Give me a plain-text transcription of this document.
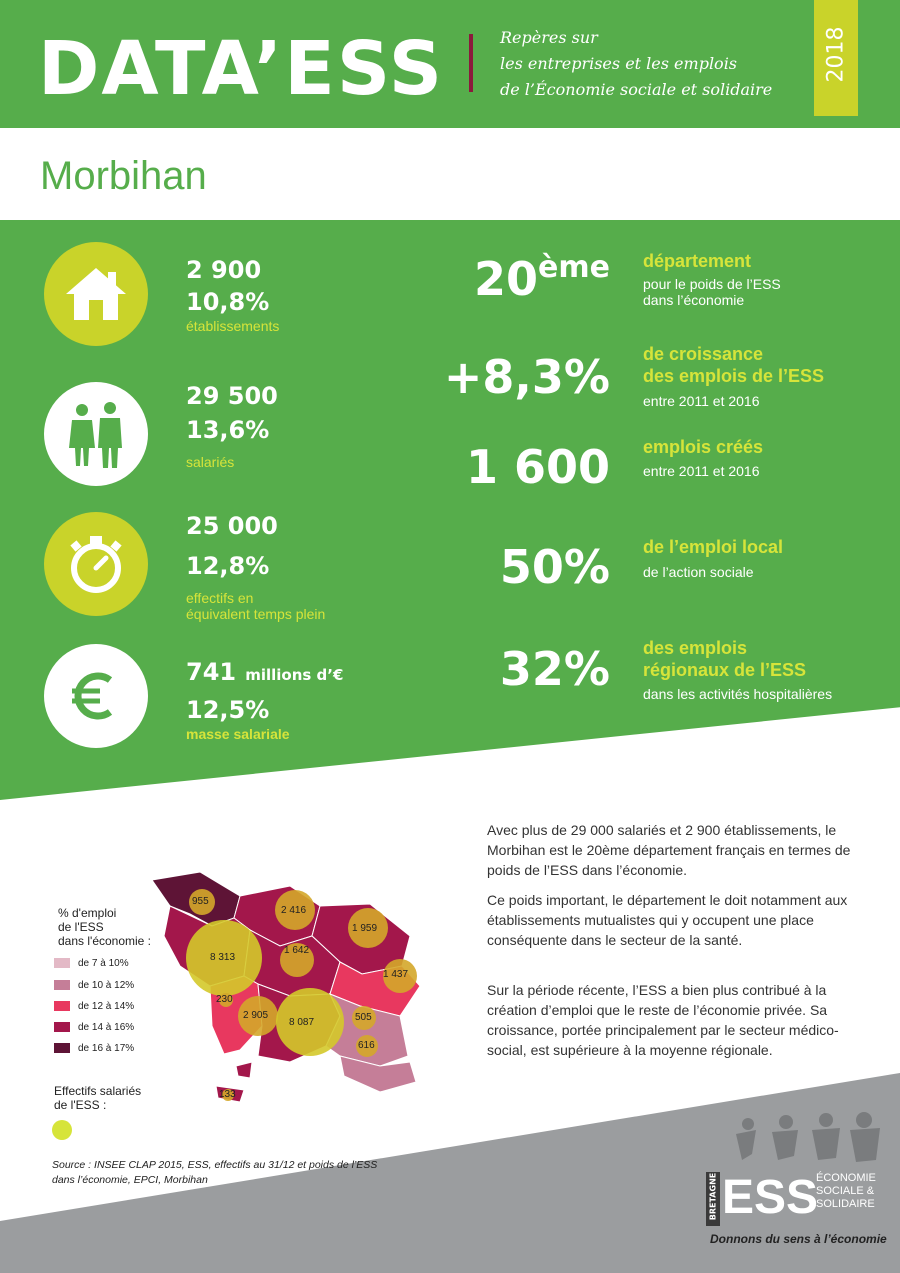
DATA’ESS	Repères sur
les entreprises et les emplois
de l’Économie sociale et solidaire
2018
Morbihan
2 900
10,8%
établissements
29 500
13,6%
salariés
25 000
12,8%
effectifs en
équivalent temps plein
741 millions d’€
12,5%
masse salariale
20ème département
pour le poids de l’ESS
dans l’économie
+8,3% de croissance
des emplois de l’ESS
entre 2011 et 2016
1 600 emplois créés
entre 2011 et 2016
50% de l’emploi local
de l’action sociale
32% des emplois
régionaux de l’ESS
dans les activités hospitalières
955
2 416
1 959
8 313
1 642
1 437
230
2 905
8 087	505
616
133
% d'emploi
de l'ESS
dans l'économie :
de 7 à 10%
de 10 à 12%
de 12 à 14%
de 14 à 16%
de 16 à 17%
Effectifs salariés
de l'ESS :
Avec plus de 29 000 salariés et 2 900 établissements, le Morbihan est le 20ème département français en termes de poids de l’ESS dans l’économie.
Ce poids important, le département le doit notamment aux établissements mutualistes qui y occupent une place conséquente dans le secteur de la santé.
Sur la période récente, l’ESS a bien plus contribué à la création d’emploi que le reste de l’économie privée. Sa croissance, portée principalement par le secteur médico-social, est supérieure à la moyenne régionale.
Source : INSEE CLAP 2015, ESS, effectifs au 31/12 et poids de l’ESS
dans l’économie, EPCI, Morbihan	BRETAGNE ESS
ÉCONOMIE
SOCIALE &
SOLIDAIRE
Donnons du sens à l’économie
